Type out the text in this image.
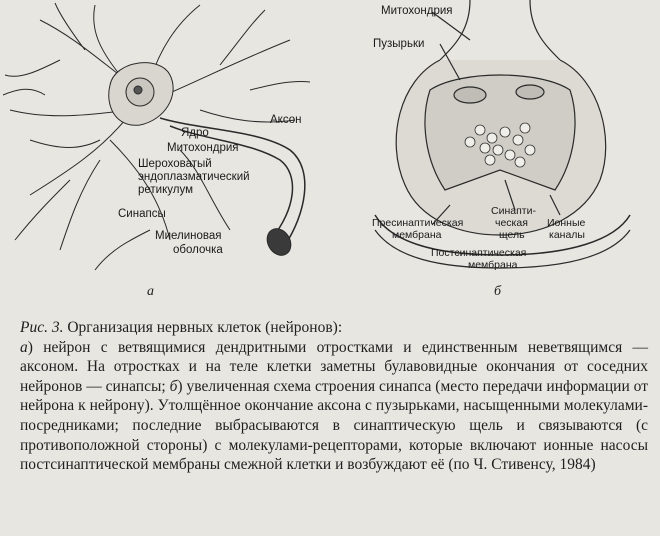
Аксон
Ядро
Митохондрия
Шероховатый
эндоплазматический
ретикулум
Синапсы
Миелиновая
оболочка
а
Митохондрия
Пузырьки
Пресинаптическая
мембрана
Синапти-
ческая
щель
Ионные
каналы
Постсинаптическая
мембрана
б

Рис. 3. Организация нервных клеток (нейронов):

а) нейрон с ветвящимися дендритными отростками и единственным неветвящимся — аксоном. На отростках и на теле клетки заметны булавовидные окончания от соседних нейронов — синапсы; б) увеличенная схема строения синапса (место передачи информации от нейрона к нейрону). Утолщённое окончание аксона с пузырьками, насыщенными молекулами-посредниками; последние выбрасываются в синаптическую щель и связываются (с противоположной стороны) с молекулами-рецепторами, которые включают ионные насосы постсинаптической мембраны смежной клетки и возбуждают её (по Ч. Стивенсу, 1984)
